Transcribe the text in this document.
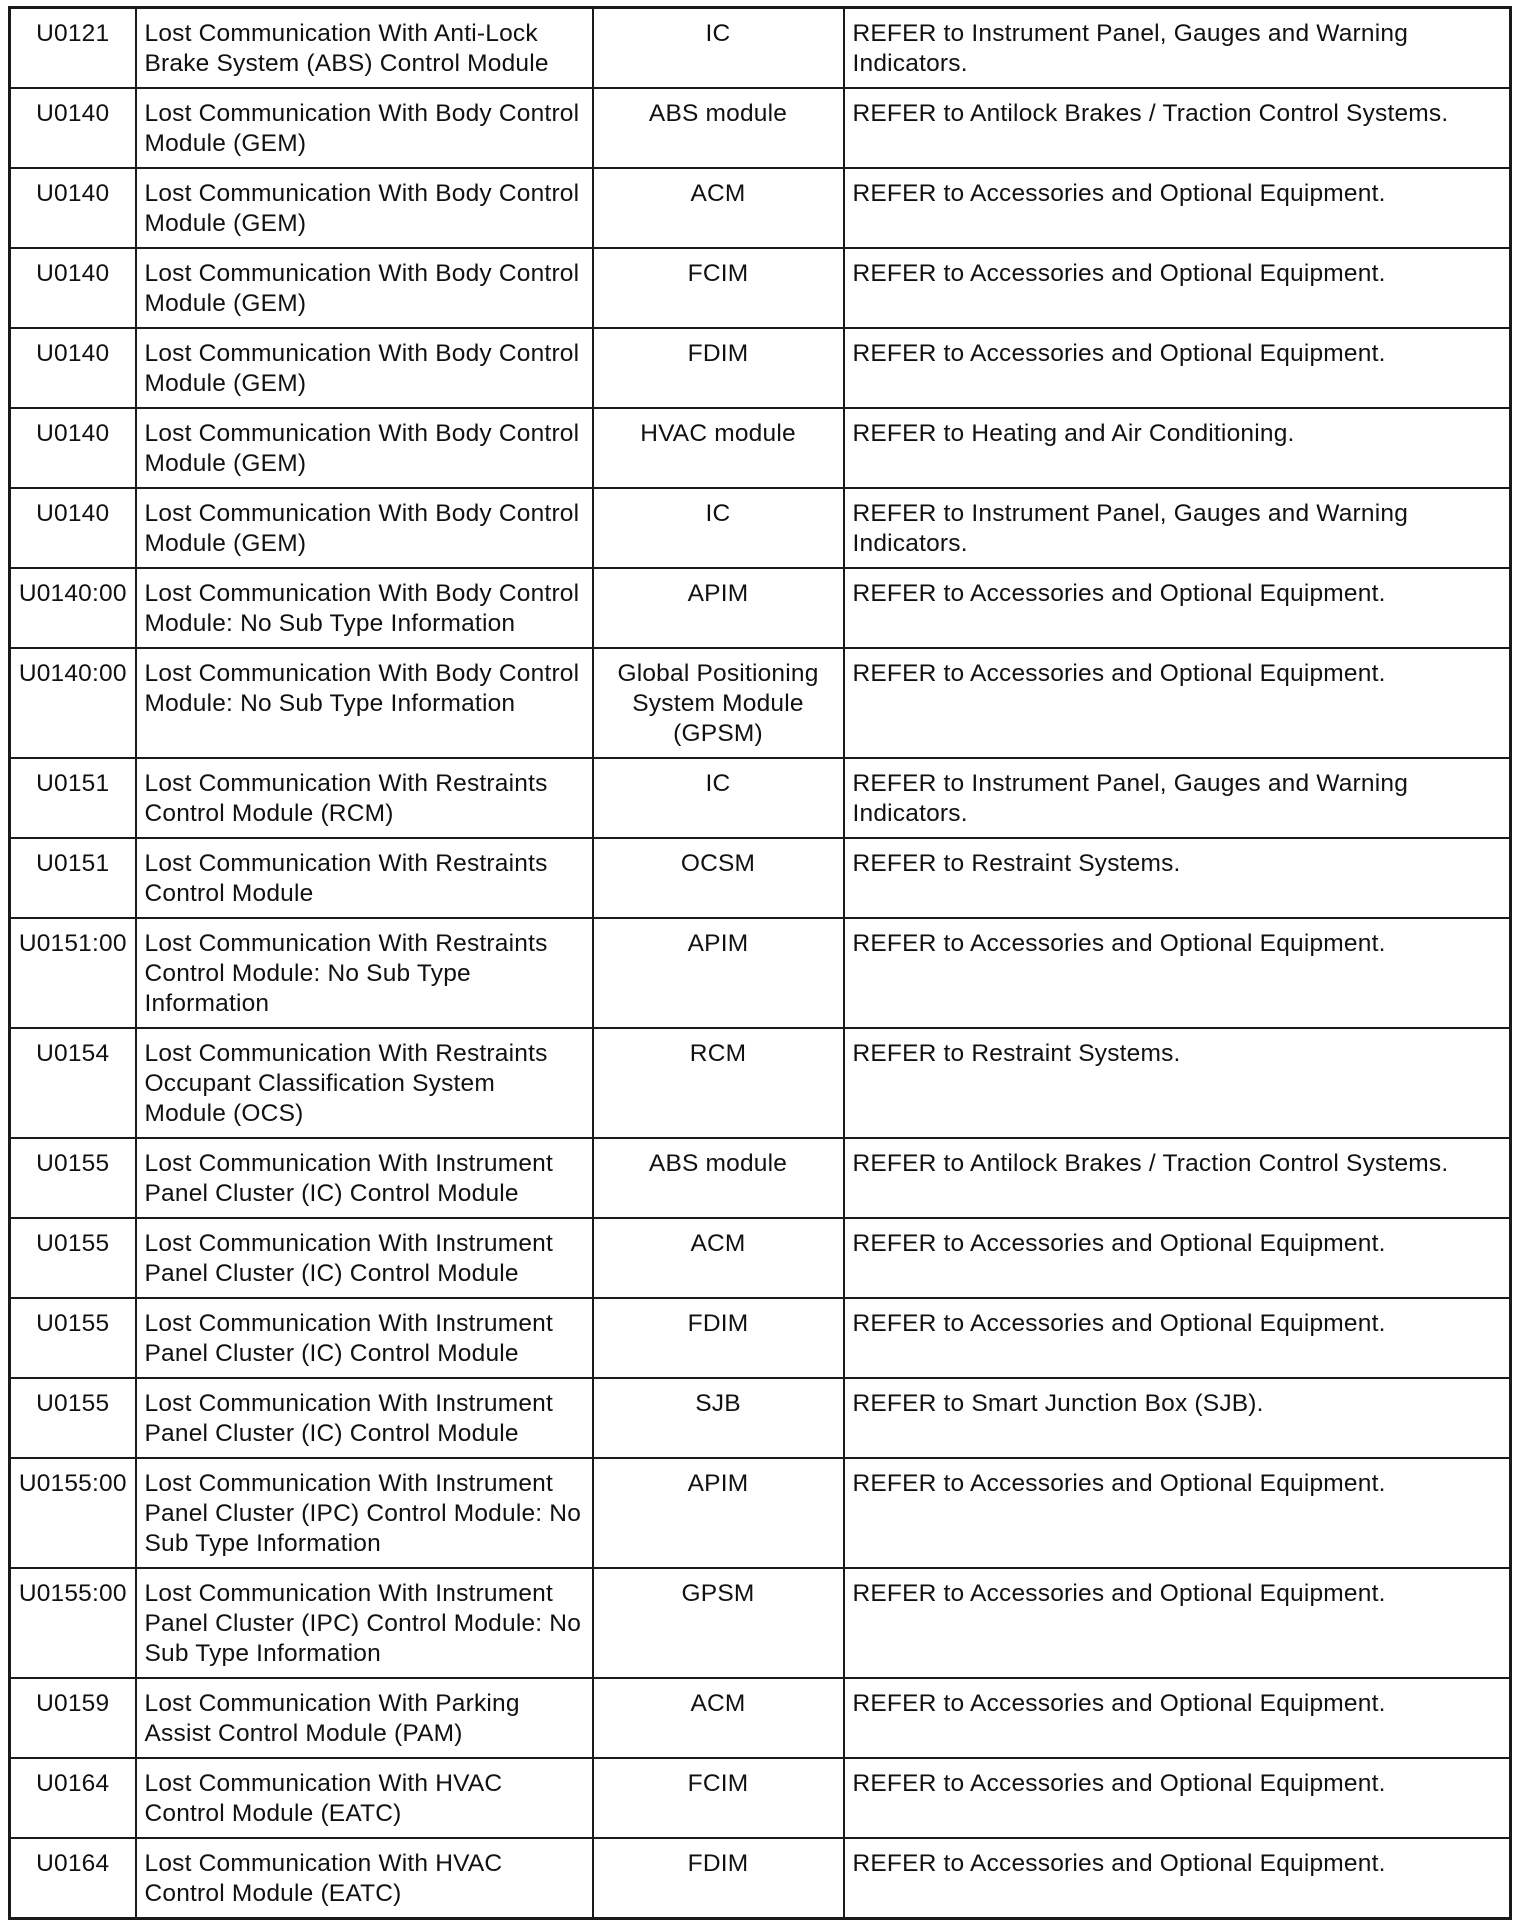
U0121	Lost Communication With Anti-Lock Brake System (ABS) Control Module	IC	REFER to Instrument Panel, Gauges and Warning Indicators.
U0140	Lost Communication With Body Control Module (GEM)	ABS module	REFER to Antilock Brakes / Traction Control Systems.
U0140	Lost Communication With Body Control Module (GEM)	ACM	REFER to Accessories and Optional Equipment.
U0140	Lost Communication With Body Control Module (GEM)	FCIM	REFER to Accessories and Optional Equipment.
U0140	Lost Communication With Body Control Module (GEM)	FDIM	REFER to Accessories and Optional Equipment.
U0140	Lost Communication With Body Control Module (GEM)	HVAC module	REFER to Heating and Air Conditioning.
U0140	Lost Communication With Body Control Module (GEM)	IC	REFER to Instrument Panel, Gauges and Warning Indicators.
U0140:00	Lost Communication With Body Control Module: No Sub Type Information	APIM	REFER to Accessories and Optional Equipment.
U0140:00	Lost Communication With Body Control Module: No Sub Type Information	Global Positioning System Module (GPSM)	REFER to Accessories and Optional Equipment.
U0151	Lost Communication With Restraints Control Module (RCM)	IC	REFER to Instrument Panel, Gauges and Warning Indicators.
U0151	Lost Communication With Restraints Control Module	OCSM	REFER to Restraint Systems.
U0151:00	Lost Communication With Restraints Control Module: No Sub Type Information	APIM	REFER to Accessories and Optional Equipment.
U0154	Lost Communication With Restraints Occupant Classification System Module (OCS)	RCM	REFER to Restraint Systems.
U0155	Lost Communication With Instrument Panel Cluster (IC) Control Module	ABS module	REFER to Antilock Brakes / Traction Control Systems.
U0155	Lost Communication With Instrument Panel Cluster (IC) Control Module	ACM	REFER to Accessories and Optional Equipment.
U0155	Lost Communication With Instrument Panel Cluster (IC) Control Module	FDIM	REFER to Accessories and Optional Equipment.
U0155	Lost Communication With Instrument Panel Cluster (IC) Control Module	SJB	REFER to Smart Junction Box (SJB).
U0155:00	Lost Communication With Instrument Panel Cluster (IPC) Control Module: No Sub Type Information	APIM	REFER to Accessories and Optional Equipment.
U0155:00	Lost Communication With Instrument Panel Cluster (IPC) Control Module: No Sub Type Information	GPSM	REFER to Accessories and Optional Equipment.
U0159	Lost Communication With Parking Assist Control Module (PAM)	ACM	REFER to Accessories and Optional Equipment.
U0164	Lost Communication With HVAC Control Module (EATC)	FCIM	REFER to Accessories and Optional Equipment.
U0164	Lost Communication With HVAC Control Module (EATC)	FDIM	REFER to Accessories and Optional Equipment.
